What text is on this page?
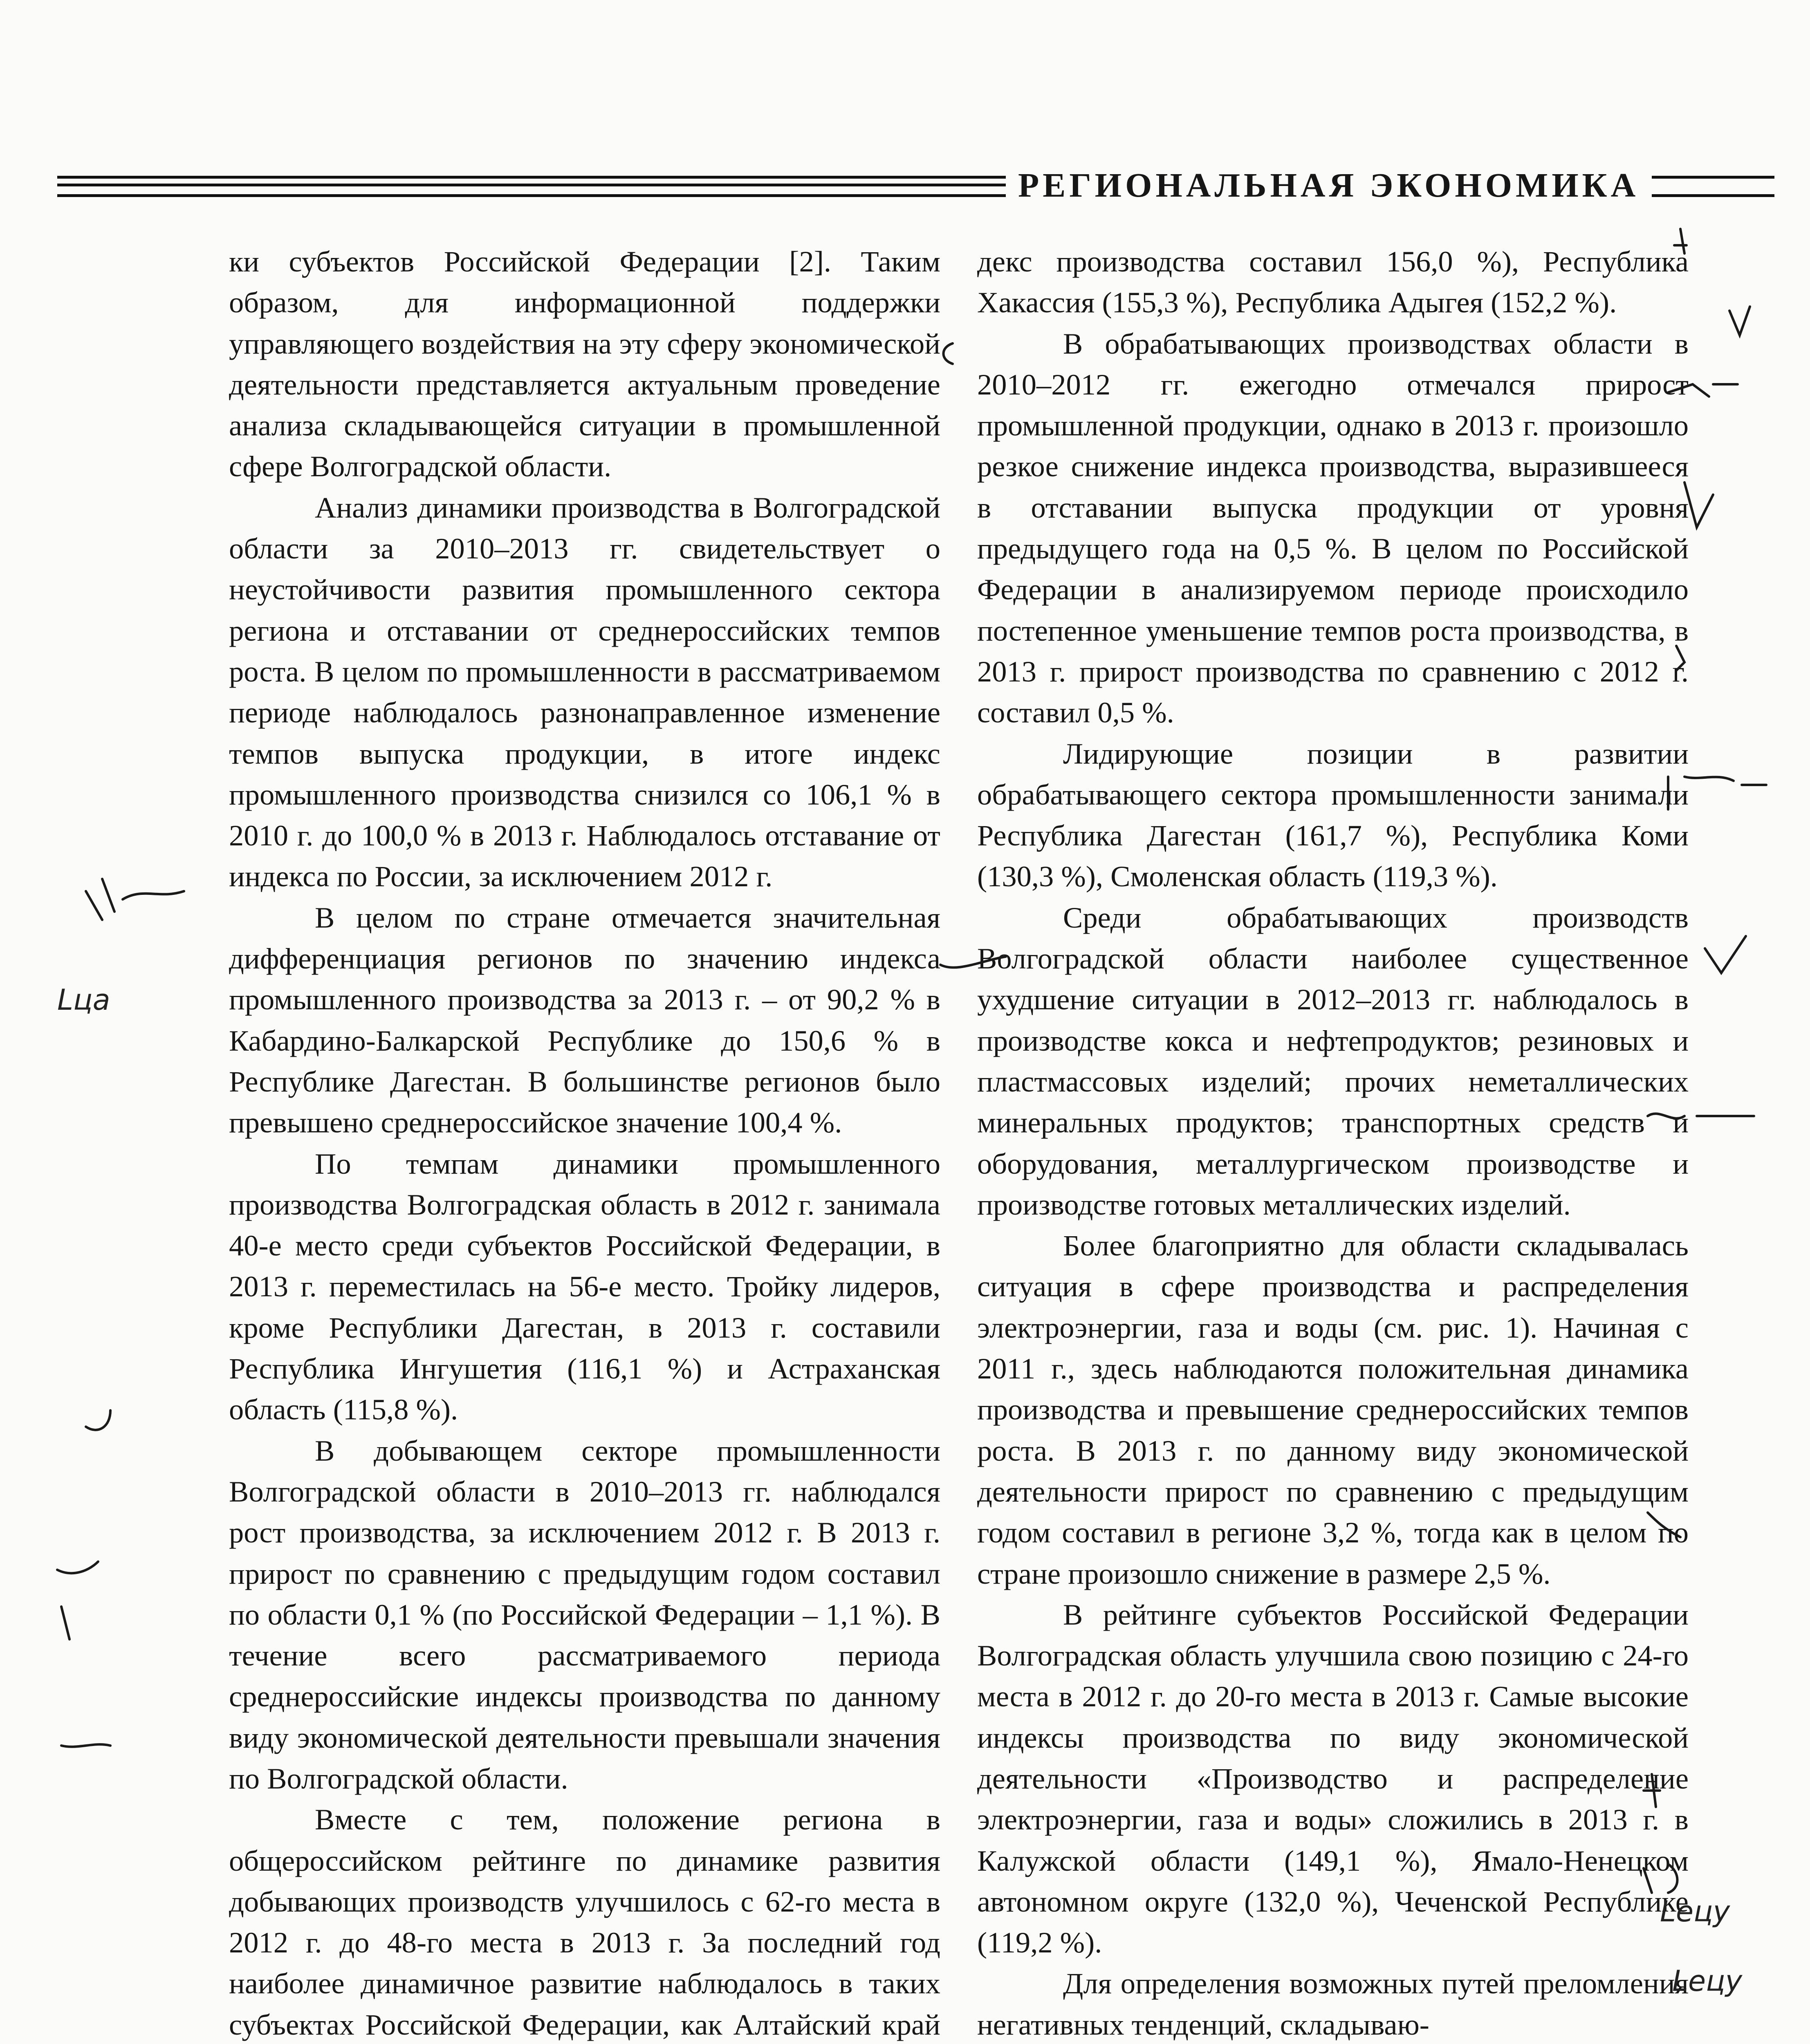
РЕГИОНАЛЬНАЯ ЭКОНОМИКА

ки субъектов Российской Федерации [2]. Таким образом, для информационной поддержки управляющего воздействия на эту сферу экономической деятельности представляется актуальным проведение анализа складывающейся ситуации в промышленной сфере Волгоградской области.

Анализ динамики производства в Волгоградской области за 2010–2013 гг. свидетельствует о неустойчивости развития промышленного сектора региона и отставании от среднероссийских темпов роста. В целом по промышленности в рассматриваемом периоде наблюдалось разнонаправленное изменение темпов выпуска продукции, в итоге индекс промышленного производства снизился со 106,1 % в 2010 г. до 100,0 % в 2013 г. Наблюдалось отставание от индекса по России, за исключением 2012 г.

В целом по стране отмечается значительная дифференциация регионов по значению индекса промышленного производства за 2013 г. – от 90,2 % в Кабардино-Балкарской Республике до 150,6 % в Республике Дагестан. В большинстве регионов было превышено среднероссийское значение 100,4 %.

По темпам динамики промышленного производства Волгоградская область в 2012 г. занимала 40-е место среди субъектов Российской Федерации, в 2013 г. переместилась на 56-е место. Тройку лидеров, кроме Республики Дагестан, в 2013 г. составили Республика Ингушетия (116,1 %) и Астраханская область (115,8 %).

В добывающем секторе промышленности Волгоградской области в 2010–2013 гг. наблюдался рост производства, за исключением 2012 г. В 2013 г. прирост по сравнению с предыдущим годом составил по области 0,1 % (по Российской Федерации – 1,1 %). В течение всего рассматриваемого периода среднероссийские индексы производства по данному виду экономической деятельности превышали значения по Волгоградской области.

Вместе с тем, положение региона в общероссийском рейтинге по динамике развития добывающих производств улучшилось с 62-го места в 2012 г. до 48-го места в 2013 г. За последний год наиболее динамичное развитие наблюдалось в таких субъектах Российской Федерации, как Алтайский край

декс производства составил 156,0 %), Республика Хакассия (155,3 %), Республика Адыгея (152,2 %).

В обрабатывающих производствах области в 2010–2012 гг. ежегодно отмечался прирост промышленной продукции, однако в 2013 г. произошло резкое снижение индекса производства, выразившееся в отставании выпуска продукции от уровня предыдущего года на 0,5 %. В целом по Российской Федерации в анализируемом периоде происходило постепенное уменьшение темпов роста производства, в 2013 г. прирост производства по сравнению с 2012 г. составил 0,5 %.

Лидирующие позиции в развитии обрабатывающего сектора промышленности занимали Республика Дагестан (161,7 %), Республика Коми (130,3 %), Смоленская область (119,3 %).

Среди обрабатывающих производств Волгоградской области наиболее существенное ухудшение ситуации в 2012–2013 гг. наблюдалось в производстве кокса и нефтепродуктов; резиновых и пластмассовых изделий; прочих неметаллических минеральных продуктов; транспортных средств и оборудования, металлургическом производстве и производстве готовых металлических изделий.

Более благоприятно для области складывалась ситуация в сфере производства и распределения электроэнергии, газа и воды (см. рис. 1). Начиная с 2011 г., здесь наблюдаются положительная динамика производства и превышение среднероссийских темпов роста. В 2013 г. по данному виду экономической деятельности прирост по сравнению с предыдущим годом составил в регионе 3,2 %, тогда как в целом по стране произошло снижение в размере 2,5 %.

В рейтинге субъектов Российской Федерации Волгоградская область улучшила свою позицию с 24-го места в 2012 г. до 20-го места в 2013 г. Самые высокие индексы производства по виду экономической деятельности «Производство и распределение электроэнергии, газа и воды» сложились в 2013 г. в Калужской области (149,1 %), Ямало-Ненецком автономном округе (132,0 %), Чеченской Республике (119,2 %).

Для определения возможных путей преломления негативных тенденций, складываю-

Lцa
Leцy
Leцy
